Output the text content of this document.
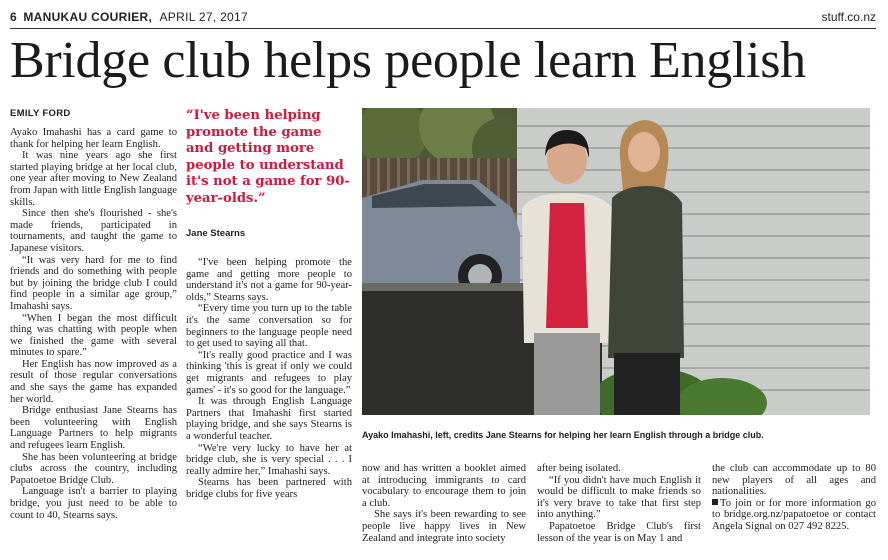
6 MANUKAU COURIER, APRIL 27, 2017	stuff.co.nz
Bridge club helps people learn English
EMILY FORD

Ayako Imahashi has a card game to thank for helping her learn English.

It was nine years ago she first started playing bridge at her local club, one year after moving to New Zealand from Japan with little English language skills.

Since then she's flourished - she's made friends, participated in tournaments, and taught the game to Japanese visitors.

“It was very hard for me to find friends and do something with people but by joining the bridge club I could find people in a similar age group,” Imahashi says.

“When I began the most difficult thing was chatting with people when we finished the game with several minutes to spare.”

Her English has now improved as a result of those regular conversations and she says the game has expanded her world.

Bridge enthusiast Jane Stearns has been volunteering with English Language Partners to help migrants and refugees learn English.

She has been volunteering at bridge clubs across the country, including Papatoetoe Bridge Club.

Language isn't a barrier to playing bridge, you just need to be able to count to 40, Stearns says.

“I've been helping promote the game and getting more people to understand it's not a game for 90-year-olds.”
Jane Stearns

“I've been helping promote the game and getting more people to understand it's not a game for 90-year-olds,” Stearns says.

“Every time you turn up to the table it's the same conversation so for beginners to the language people need to get used to saying all that.

“It's really good practice and I was thinking 'this is great if only we could get migrants and refugees to play games' - it's so good for the language.”

It was through English Language Partners that Imahashi first started playing bridge, and she says Stearns is a wonderful teacher.

“We're very lucky to have her at bridge club, she is very special . . . I really admire her,” Imahashi says.

Stearns has been partnered with bridge clubs for five years

Ayako Imahashi, left, credits Jane Stearns for helping her learn English through a bridge club.

now and has written a booklet aimed at introducing immigrants to card vocabulary to encourage them to join a club.

She says it's been rewarding to see people live happy lives in New Zealand and integrate into society

after being isolated.

“If you didn't have much English it would be difficult to make friends so it's very brave to take that first step into anything.”

Papatoetoe Bridge Club's first lesson of the year is on May 1 and

the club can accommodate up to 80 new players of all ages and nationalities.

To join or for more information go to bridge.org.nz/papatoetoe or contact Angela Signal on 027 492 8225.
